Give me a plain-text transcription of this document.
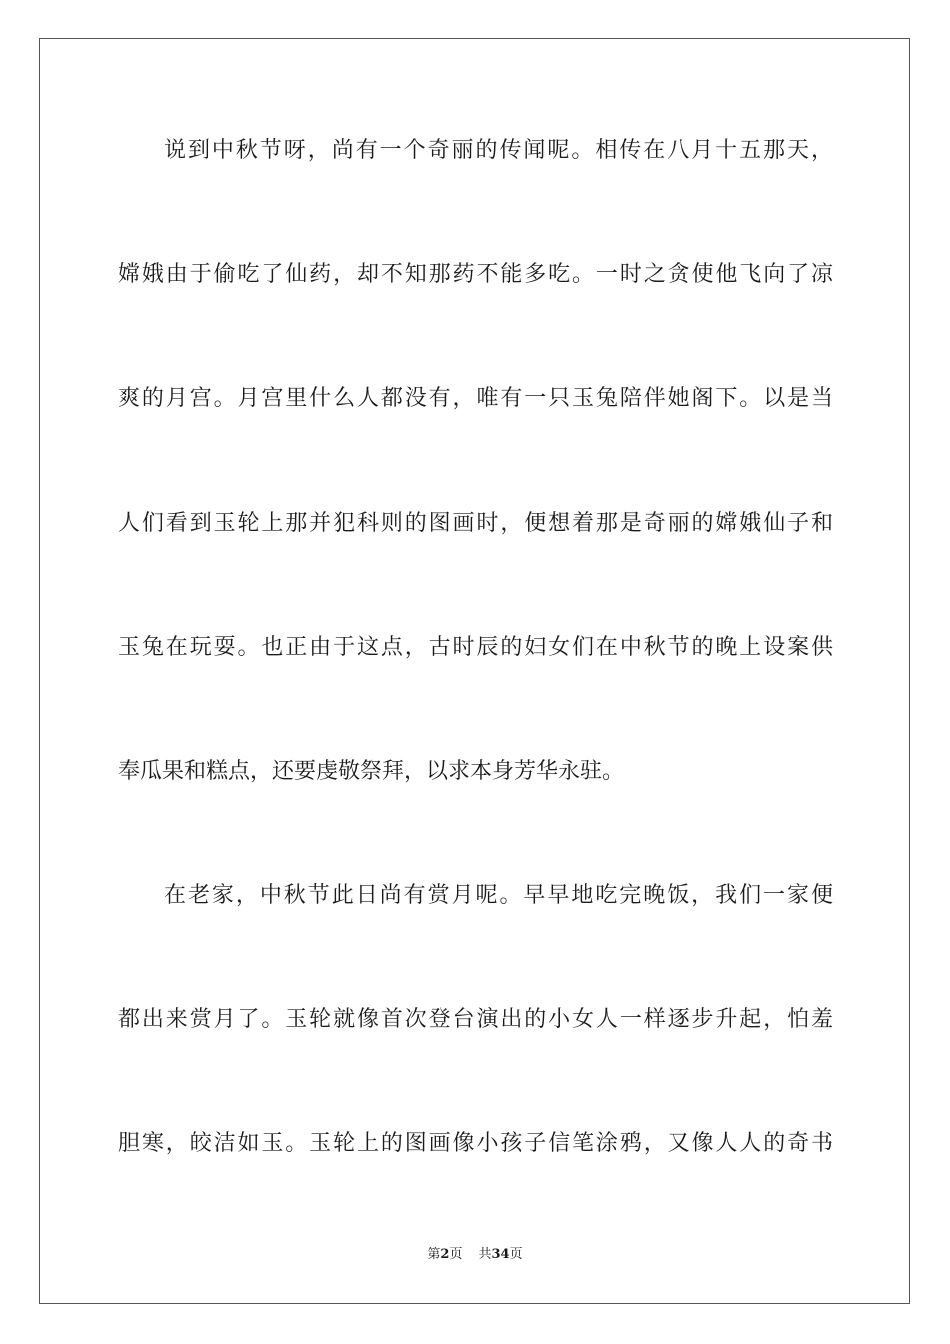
说到中秋节呀，尚有一个奇丽的传闻呢。相传在八月十五那天，
嫦娥由于偷吃了仙药，却不知那药不能多吃。一时之贪使他飞向了凉
爽的月宫。月宫里什么人都没有，唯有一只玉兔陪伴她阁下。以是当
人们看到玉轮上那并犯科则的图画时，便想着那是奇丽的嫦娥仙子和
玉兔在玩耍。也正由于这点，古时辰的妇女们在中秋节的晚上设案供
奉瓜果和糕点，还要虔敬祭拜，以求本身芳华永驻。
在老家，中秋节此日尚有赏月呢。早早地吃完晚饭，我们一家便
都出来赏月了。玉轮就像首次登台演出的小女人一样逐步升起，怕羞
胆寒，皎洁如玉。玉轮上的图画像小孩子信笔涂鸦，又像人人的奇书
第2页 共34页
